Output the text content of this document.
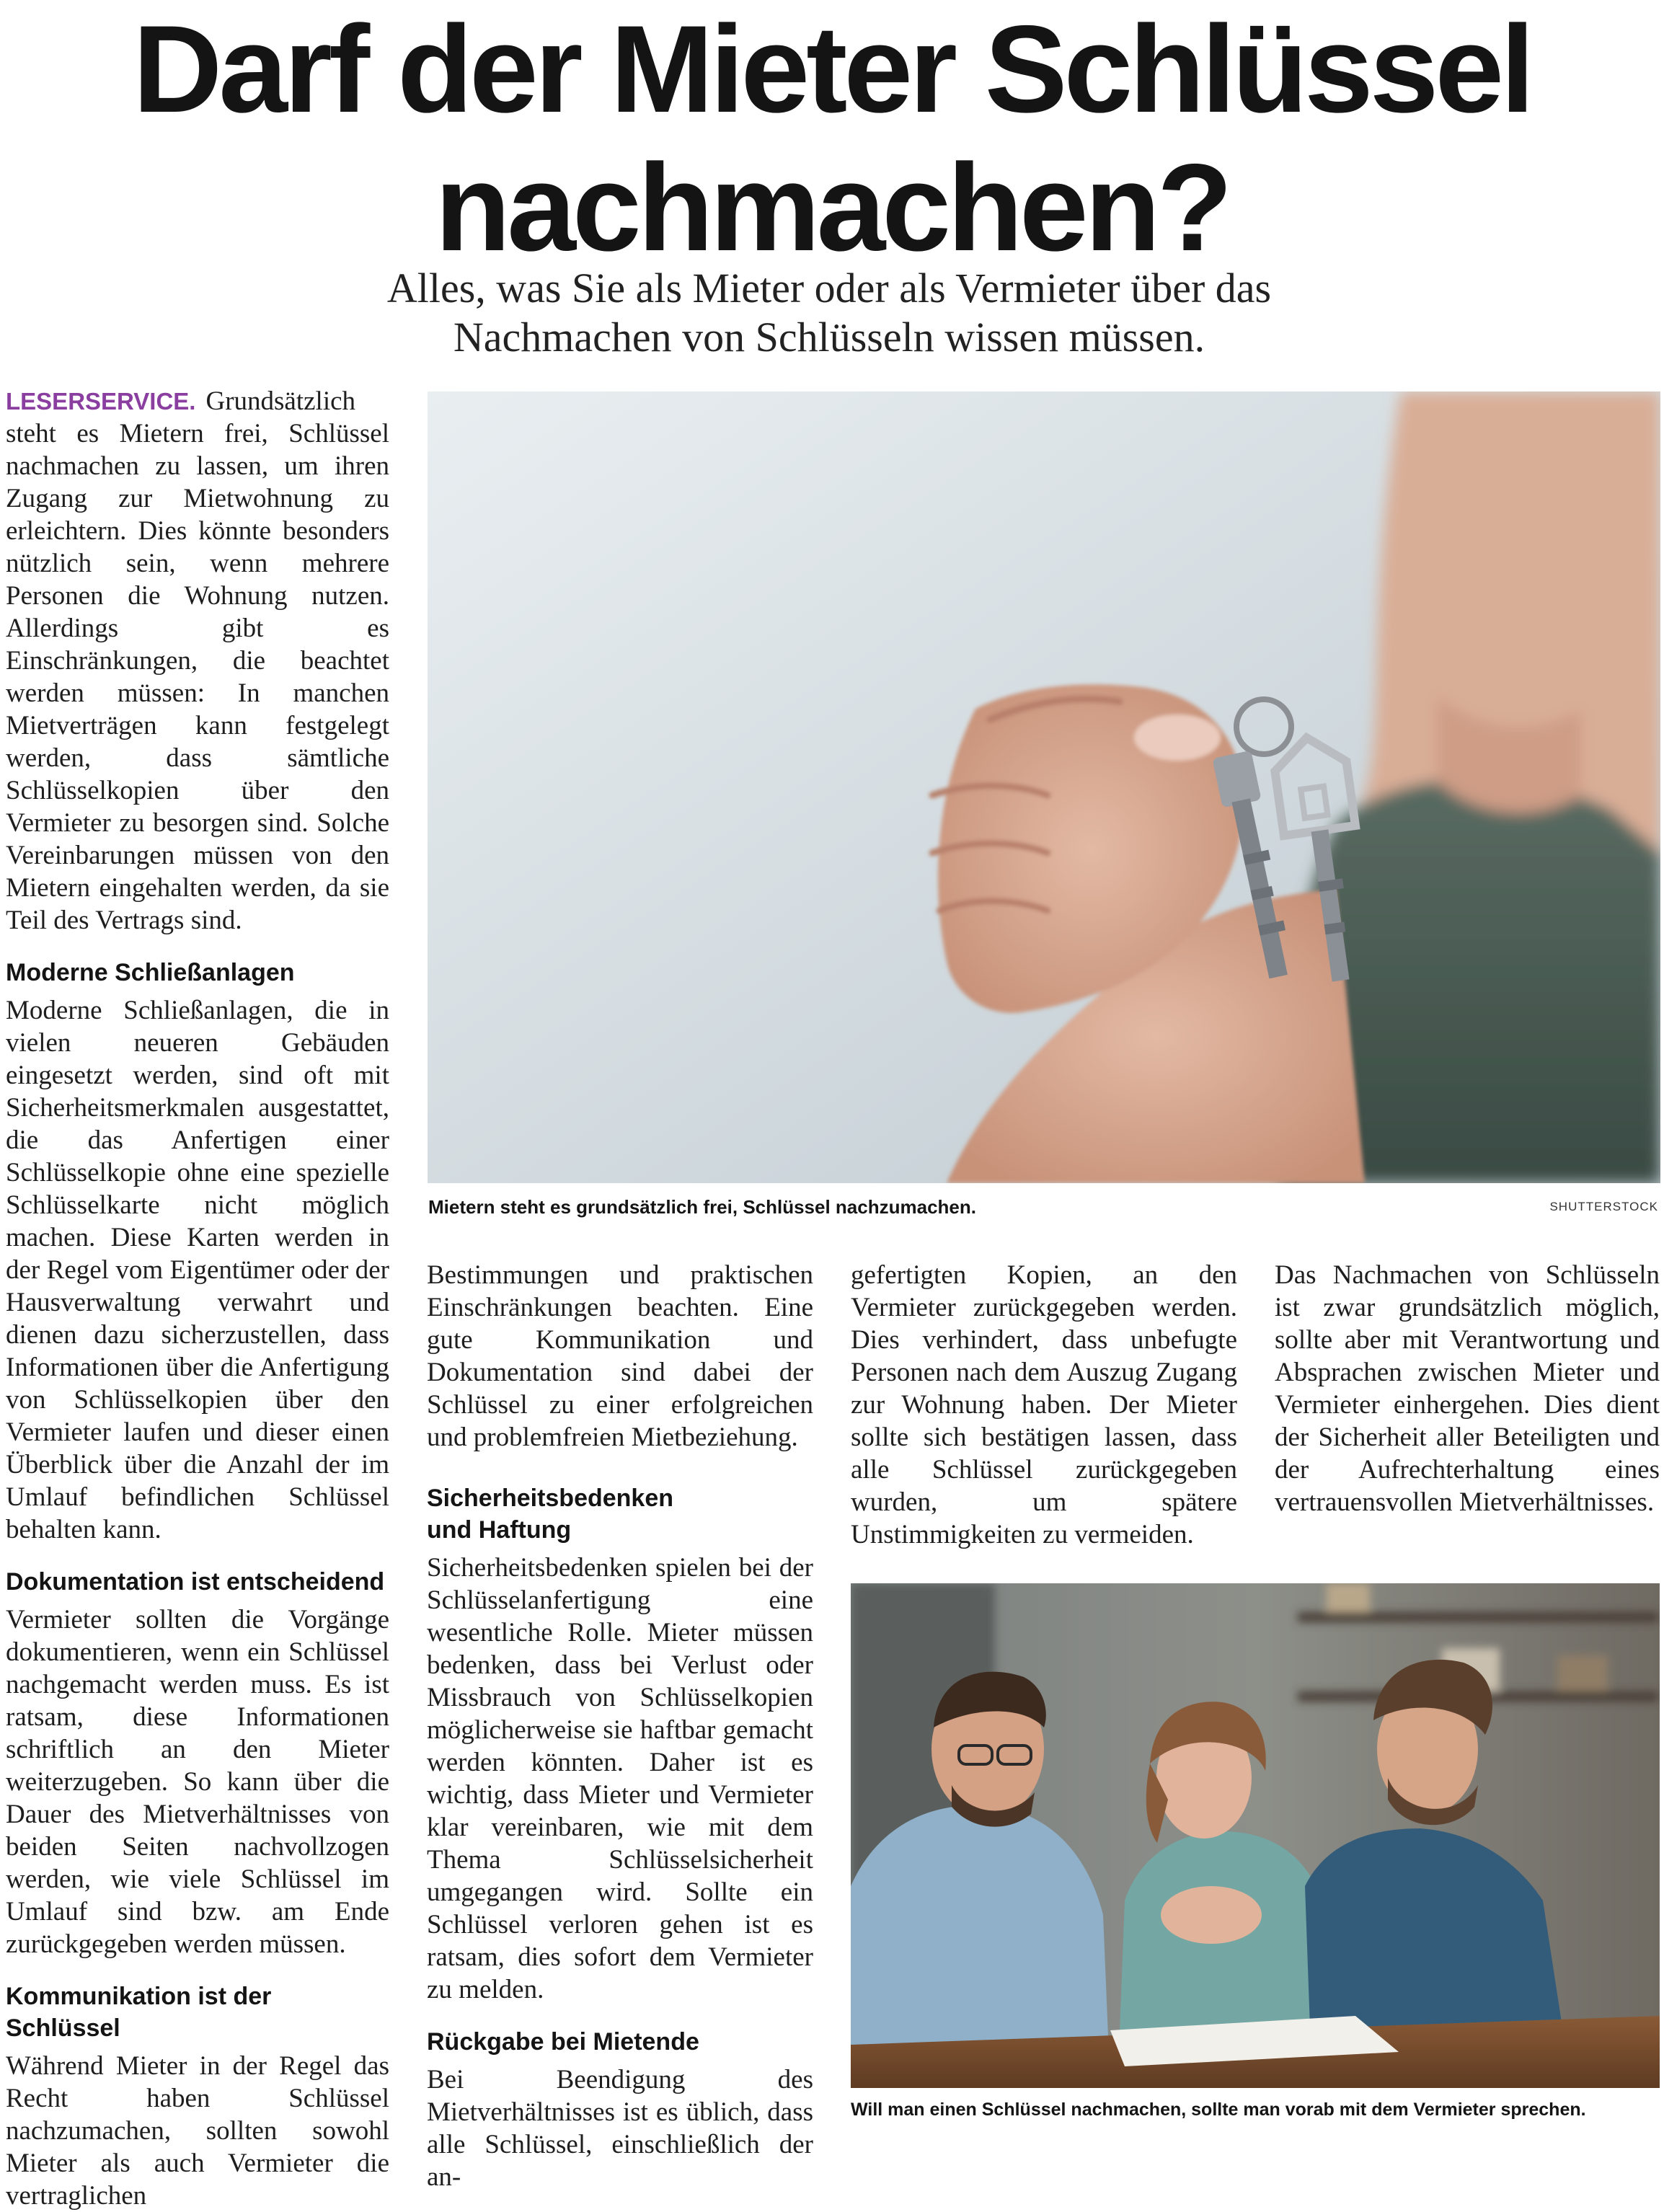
Darf der Mieter Schlüssel
nachmachen?
Alles, was Sie als Mieter oder als Vermieter über das
Nachmachen von Schlüsseln wissen müssen.

LESERSERVICE. Grundsätzlich steht es Mietern frei, Schlüssel nachmachen zu lassen, um ihren Zugang zur Mietwohnung zu erleichtern. Dies könnte besonders nützlich sein, wenn mehrere Personen die Wohnung nutzen. Allerdings gibt es Einschränkungen, die beachtet werden müssen: In manchen Mietverträgen kann festgelegt werden, dass sämtliche Schlüsselkopien über den Vermieter zu besorgen sind. Solche Vereinbarungen müssen von den Mietern eingehalten werden, da sie Teil des Vertrags sind.

Moderne Schließanlagen

Moderne Schließanlagen, die in vielen neueren Gebäuden eingesetzt werden, sind oft mit Sicherheitsmerkmalen ausgestattet, die das Anfertigen einer Schlüsselkopie ohne eine spezielle Schlüsselkarte nicht möglich machen. Diese Karten werden in der Regel vom Eigentümer oder der Hausverwaltung verwahrt und dienen dazu sicherzustellen, dass Informationen über die Anfertigung von Schlüsselkopien über den Vermieter laufen und dieser einen Überblick über die Anzahl der im Umlauf befindlichen Schlüssel behalten kann.

Dokumentation ist entscheidend

Vermieter sollten die Vorgänge dokumentieren, wenn ein Schlüssel nachgemacht werden muss. Es ist ratsam, diese Informationen schriftlich an den Mieter weiterzugeben. So kann über die Dauer des Mietverhältnisses von beiden Seiten nachvollzogen werden, wie viele Schlüssel im Umlauf sind bzw. am Ende zurückgegeben werden müssen.

Kommunikation ist der Schlüssel

Während Mieter in der Regel das Recht haben Schlüssel nachzumachen, sollten sowohl Mieter als auch Vermieter die vertraglichen

Mietern steht es grundsätzlich frei, Schlüssel nachzumachen.	SHUTTERSTOCK

Bestimmungen und praktischen Einschränkungen beachten. Eine gute Kommunikation und Dokumentation sind dabei der Schlüssel zu einer erfolgreichen und problemfreien Mietbeziehung.

Sicherheitsbedenken und Haftung

Sicherheitsbedenken spielen bei der Schlüsselanfertigung eine wesentliche Rolle. Mieter müssen bedenken, dass bei Verlust oder Missbrauch von Schlüsselkopien möglicherweise sie haftbar gemacht werden könnten. Daher ist es wichtig, dass Mieter und Vermieter klar vereinbaren, wie mit dem Thema Schlüsselsicherheit umgegangen wird. Sollte ein Schlüssel verloren gehen ist es ratsam, dies sofort dem Vermieter zu melden.

Rückgabe bei Mietende

Bei Beendigung des Mietverhältnisses ist es üblich, dass alle Schlüssel, einschließlich der an-

gefertigten Kopien, an den Vermieter zurückgegeben werden. Dies verhindert, dass unbefugte Personen nach dem Auszug Zugang zur Wohnung haben. Der Mieter sollte sich bestätigen lassen, dass alle Schlüssel zurückgegeben wurden, um spätere Unstimmigkeiten zu vermeiden.

Das Nachmachen von Schlüsseln ist zwar grundsätzlich möglich, sollte aber mit Verantwortung und Absprachen zwischen Mieter und Vermieter einhergehen. Dies dient der Sicherheit aller Beteiligten und der Aufrechterhaltung eines vertrauensvollen Mietverhältnisses.

Will man einen Schlüssel nachmachen, sollte man vorab mit dem Vermieter sprechen.
